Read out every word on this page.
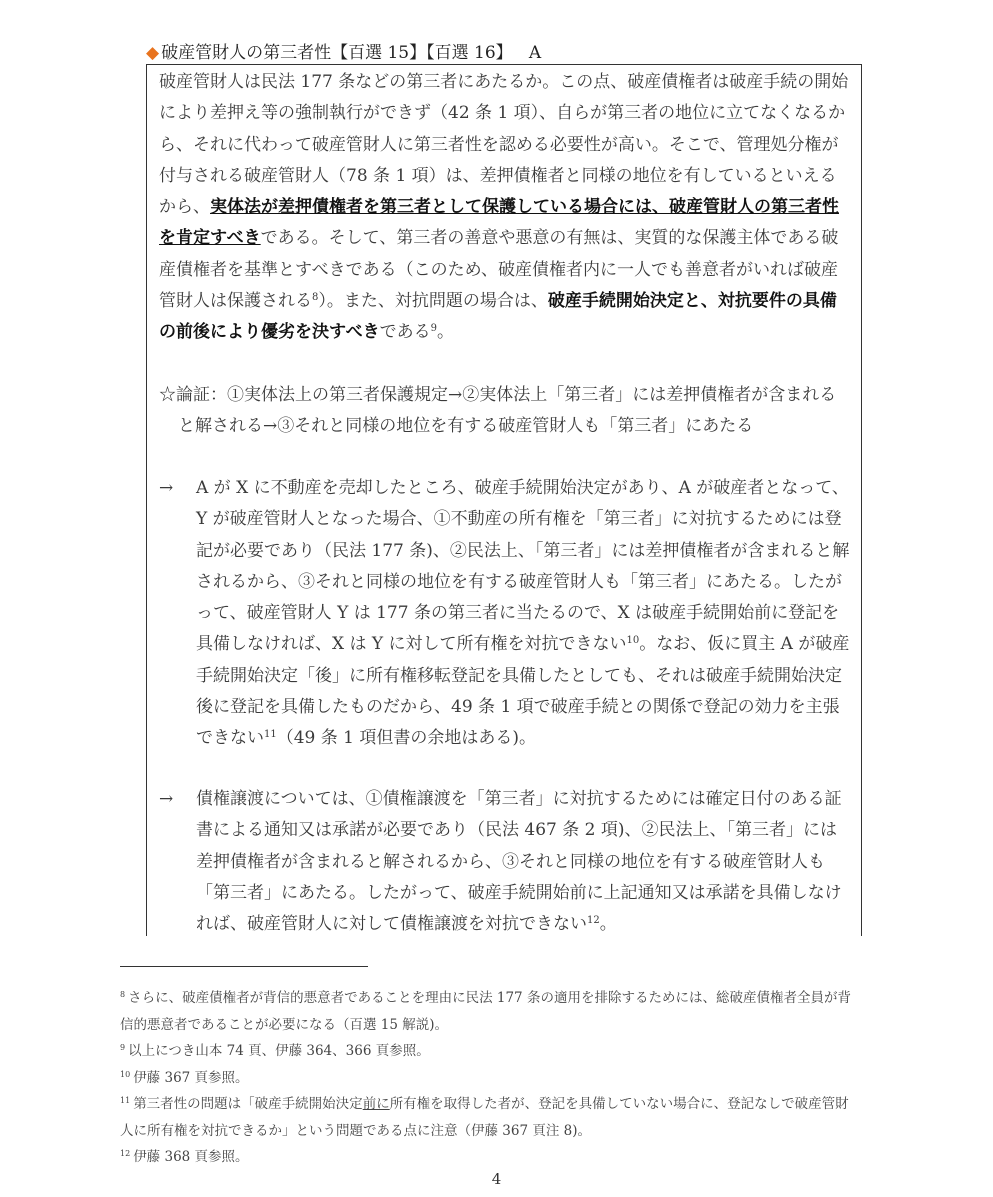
◆ 破産管財人の第三者性【百選 15】【百選 16】 A
破産管財人は民法 177 条などの第三者にあたるか。この点、破産債権者は破産手続の開始により差押え等の強制執行ができず（42 条 1 項）、自らが第三者の地位に立てなくなるから、それに代わって破産管財人に第三者性を認める必要性が高い。そこで、管理処分権が付与される破産管財人（78 条 1 項）は、差押債権者と同様の地位を有しているといえるから、実体法が差押債権者を第三者として保護している場合には、破産管財人の第三者性を肯定すべきである。そして、第三者の善意や悪意の有無は、実質的な保護主体である破産債権者を基準とすべきである（このため、破産債権者内に一人でも善意者がいれば破産管財人は保護される$^8$）。また、対抗問題の場合は、破産手続開始決定と、対抗要件の具備の前後により優劣を決すべきである$^9$。
☆論証：①実体法上の第三者保護規定→②実体法上「第三者」には差押債権者が含まれると解される→③それと同様の地位を有する破産管財人も「第三者」にあたる
→ A が X に不動産を売却したところ、破産手続開始決定があり、A が破産者となって、Y が破産管財人となった場合、①不動産の所有権を「第三者」に対抗するためには登記が必要であり（民法 177 条)、②民法上、「第三者」には差押債権者が含まれると解されるから、③それと同様の地位を有する破産管財人も「第三者」にあたる。したがって、破産管財人 Y は 177 条の第三者に当たるので、X は破産手続開始前に登記を具備しなければ、X は Y に対して所有権を対抗できない$^{10}$。なお、仮に買主 A が破産手続開始決定「後」に所有権移転登記を具備したとしても、それは破産手続開始決定後に登記を具備したものだから、49 条 1 項で破産手続との関係で登記の効力を主張できない$^{11}$（49 条 1 項但書の余地はある)。
→ 債権譲渡については、①債権譲渡を「第三者」に対抗するためには確定日付のある証書による通知又は承諾が必要であり（民法 467 条 2 項)、②民法上、「第三者」には差押債権者が含まれると解されるから、③それと同様の地位を有する破産管財人も「第三者」にあたる。したがって、破産手続開始前に上記通知又は承諾を具備しなければ、破産管財人に対して債権譲渡を対抗できない$^{12}$。
$^8$ さらに、破産債権者が背信的悪意者であることを理由に民法 177 条の適用を排除するためには、総破産債権者全員が背信的悪意者であることが必要になる（百選 15 解説)。
$^9$ 以上につき山本 74 頁、伊藤 364、366 頁参照。
$^{10}$ 伊藤 367 頁参照。
$^{11}$ 第三者性の問題は「破産手続開始決定前に所有権を取得した者が、登記を具備していない場合に、登記なしで破産管財人に所有権を対抗できるか」という問題である点に注意（伊藤 367 頁注 8)。
$^{12}$ 伊藤 368 頁参照。
4
